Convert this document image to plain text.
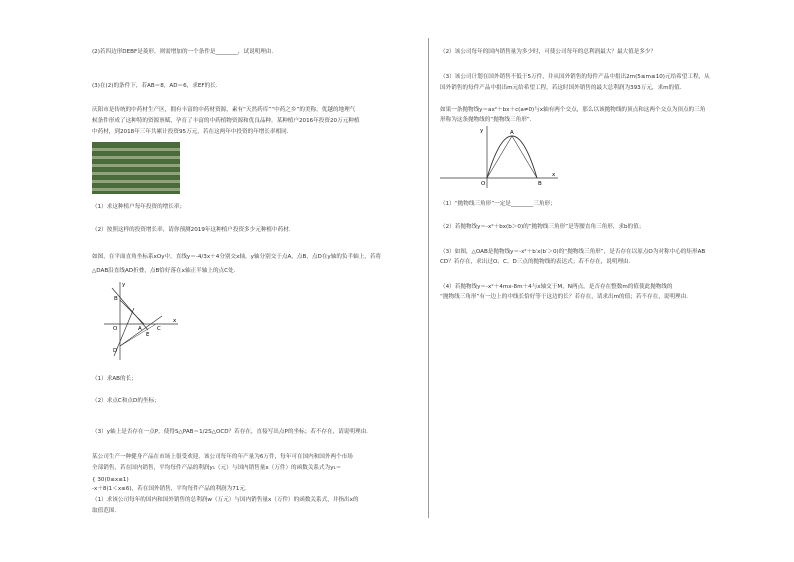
(2)若四边形DEBF是菱形，则需增加的一个条件是________，试说明理由.
(3)在(2)的条件下，若AB＝8，AD＝6，求EF的长.
庆阳市是传统的中药材生产区，拥有丰富的中药材资源，素有“天然药库”“中药之乡”的美称。优越的地理气
候条件形成了这种特的资源禀赋，孕育了丰富的中药植物资源和优良品种。某种植户2016年投资20万元种植
中药材，到2018年三年共累计投资95万元，若在这两年中投资的年增长率相同.
（1）求这种植户每年投资的增长率；
（2）按照这样的投资增长率，请你预测2019年这种植户投资多少元种植中药材.
如图，在平面直角坐标系xOy中，直线y＝-4/3x＋4分别交x轴，y轴分别交于点A，点B，点D在y轴的负半轴上，若将
△DAB沿直线AD折叠，点B恰好落在x轴正半轴上的点C处.
y
x
O	A
B
C
D
E
（1）求AB的长；
（2）求点C和点D的坐标；
（3）y轴上是否存在一点P，使得S△PAB＝1/2S△OCD？若存在，直接写出点P的坐标；若不存在，请说明理由.
某公司生产一种健身产品在市场上很受欢迎，该公司每年的年产量为6万件，每年可在国内和国外两个市场
全部销售，若在国内销售，平均每件产品的利润y₁（元）与国内销售量x（万件）的函数关系式为y₁＝
{ 30(0≤x≤1)
-x＋8(1＜x≤6)，若在国外销售，平均每件产品的利润为71元.
（1）求该公司每年的国内和国外销售的总利润w（万元）与国内销售量x（万件）的函数关系式，并指出x的
取值范围.
（2）该公司每年的国内销售量为多少时，可使公司每年的总利润最大？最大值是多少？
（3）该公司计划在国外销售不低于5万件，并从国外销售的每件产品中捐出2m(5≤m≤10)元给希望工程，从
国外销售的每件产品中捐出m元给希望工程，若这时国外销售的最大总利润为393万元，求m的值.
如果一条抛物线y＝ax²＋bx＋c(a≠0)与x轴有两个交点，那么以该抛物线的顶点和这两个交点为顶点的三角
形称为这条抛物线的“抛物线三角形”.
y
x
O
A
B
（1）“抛物线三角形”一定是________三角形；
（2）若抛物线y＝-x²＋bx(b＞0)的“抛物线三角形”是等腰直角三角形，求b的值；
（3）如图，△OAB是抛物线y＝-x²＋b′x(b′＞0)的“抛物线三角形”，是否存在以原点O为对称中心的矩形AB
CD？若存在，求出过O、C、D三点的抛物线的表达式；若不存在，说明理由.
（4）若抛物线y＝-x²＋4mx-8m＋4与x轴交于M，N两点，是否存在整数m的值使此抛物线的
“抛物线三角形”有一边上的中线长恰好等于这边的长？若存在，请求出m的值；若不存在，说明理由.
